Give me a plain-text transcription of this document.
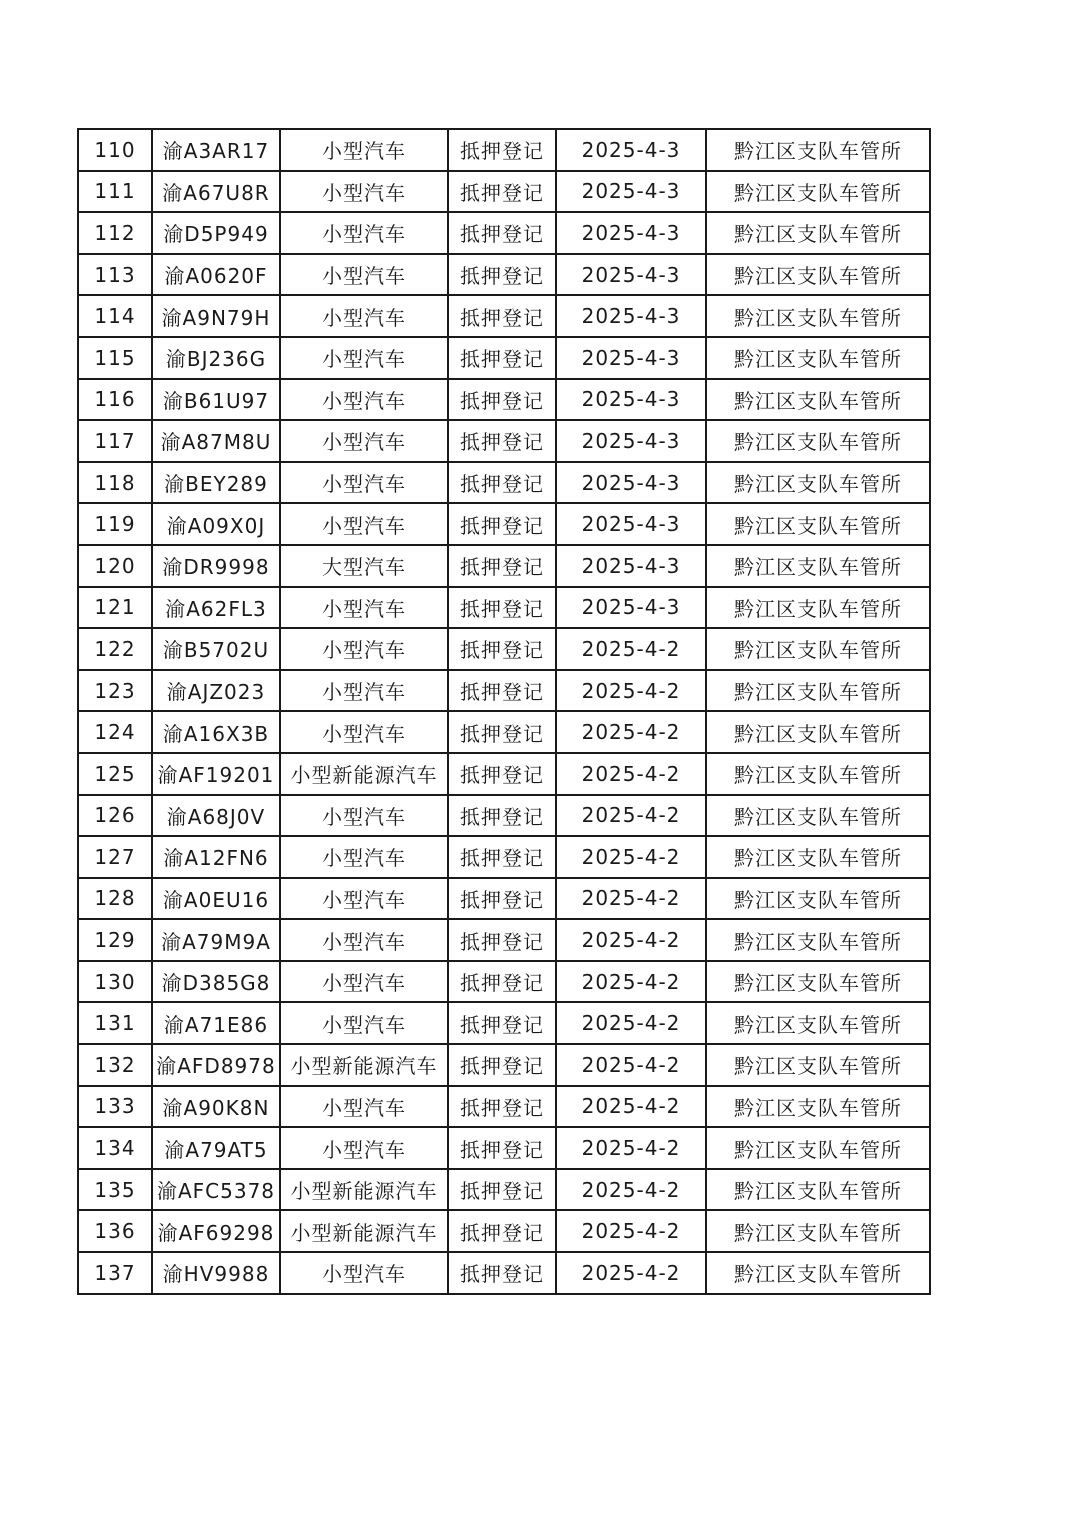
110	渝A3AR17	小型汽车	抵押登记	2025-4-3	黔江区支队车管所
111	渝A67U8R	小型汽车	抵押登记	2025-4-3	黔江区支队车管所
112	渝D5P949	小型汽车	抵押登记	2025-4-3	黔江区支队车管所
113	渝A0620F	小型汽车	抵押登记	2025-4-3	黔江区支队车管所
114	渝A9N79H	小型汽车	抵押登记	2025-4-3	黔江区支队车管所
115	渝BJ236G	小型汽车	抵押登记	2025-4-3	黔江区支队车管所
116	渝B61U97	小型汽车	抵押登记	2025-4-3	黔江区支队车管所
117	渝A87M8U	小型汽车	抵押登记	2025-4-3	黔江区支队车管所
118	渝BEY289	小型汽车	抵押登记	2025-4-3	黔江区支队车管所
119	渝A09X0J	小型汽车	抵押登记	2025-4-3	黔江区支队车管所
120	渝DR9998	大型汽车	抵押登记	2025-4-3	黔江区支队车管所
121	渝A62FL3	小型汽车	抵押登记	2025-4-3	黔江区支队车管所
122	渝B5702U	小型汽车	抵押登记	2025-4-2	黔江区支队车管所
123	渝AJZ023	小型汽车	抵押登记	2025-4-2	黔江区支队车管所
124	渝A16X3B	小型汽车	抵押登记	2025-4-2	黔江区支队车管所
125	渝AF19201	小型新能源汽车	抵押登记	2025-4-2	黔江区支队车管所
126	渝A68J0V	小型汽车	抵押登记	2025-4-2	黔江区支队车管所
127	渝A12FN6	小型汽车	抵押登记	2025-4-2	黔江区支队车管所
128	渝A0EU16	小型汽车	抵押登记	2025-4-2	黔江区支队车管所
129	渝A79M9A	小型汽车	抵押登记	2025-4-2	黔江区支队车管所
130	渝D385G8	小型汽车	抵押登记	2025-4-2	黔江区支队车管所
131	渝A71E86	小型汽车	抵押登记	2025-4-2	黔江区支队车管所
132	渝AFD8978	小型新能源汽车	抵押登记	2025-4-2	黔江区支队车管所
133	渝A90K8N	小型汽车	抵押登记	2025-4-2	黔江区支队车管所
134	渝A79AT5	小型汽车	抵押登记	2025-4-2	黔江区支队车管所
135	渝AFC5378	小型新能源汽车	抵押登记	2025-4-2	黔江区支队车管所
136	渝AF69298	小型新能源汽车	抵押登记	2025-4-2	黔江区支队车管所
137	渝HV9988	小型汽车	抵押登记	2025-4-2	黔江区支队车管所
